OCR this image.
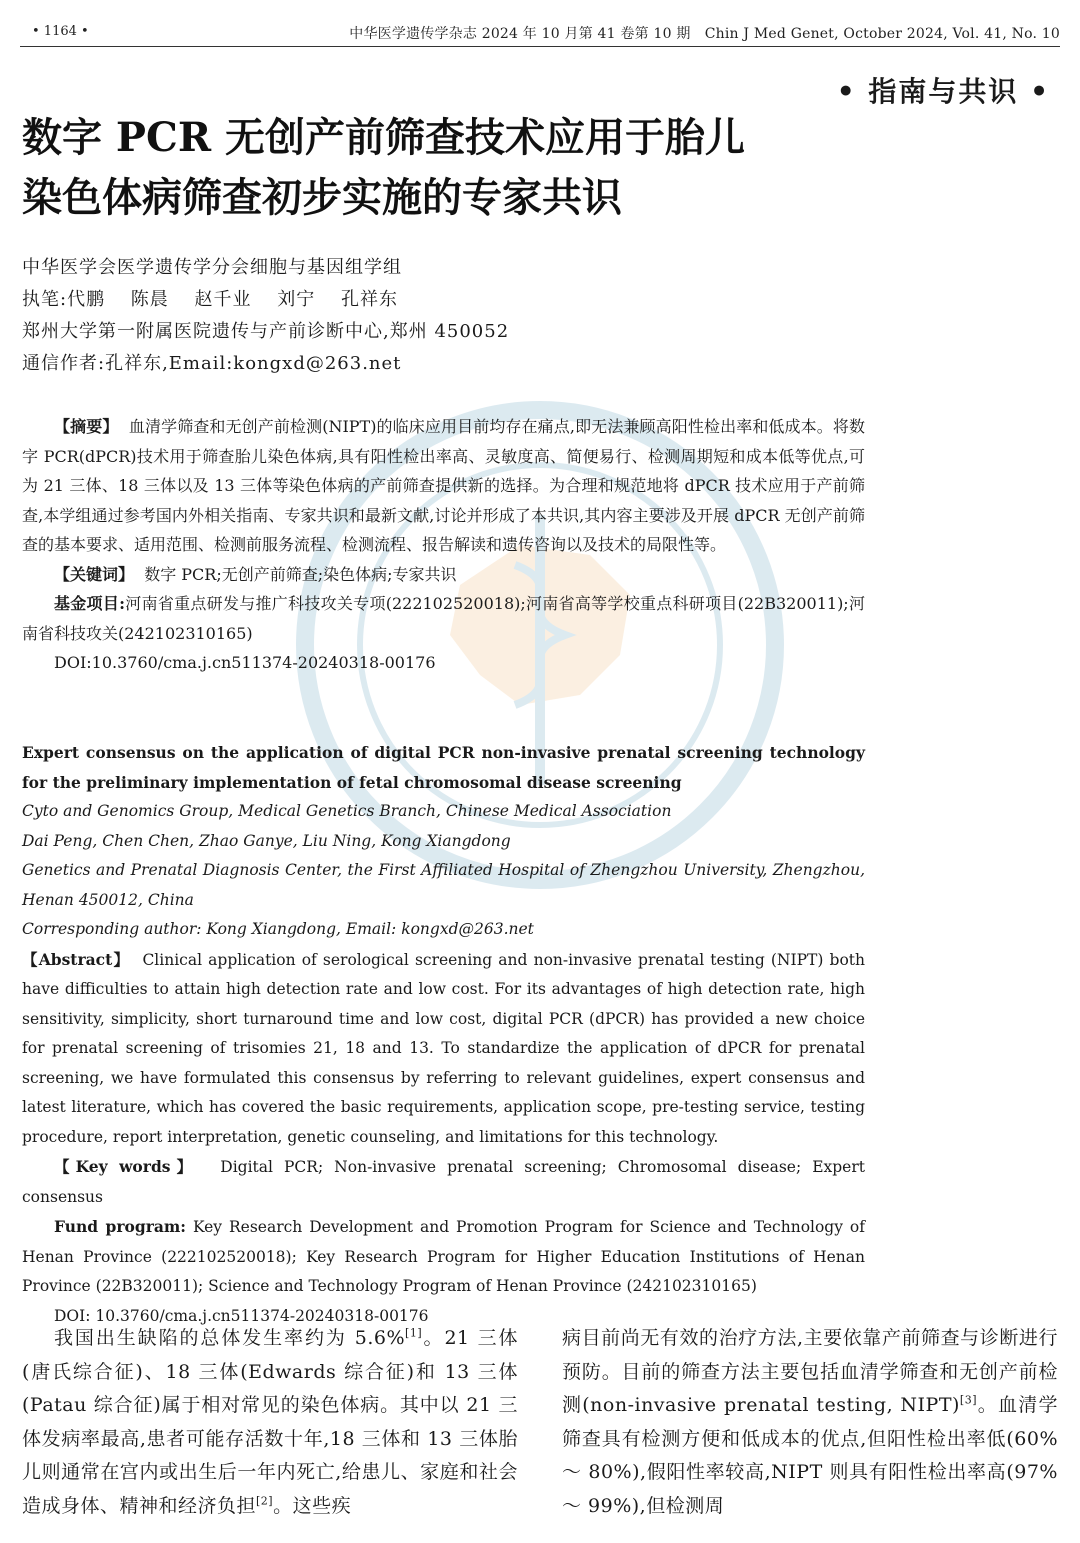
• 1164 •	中华医学遗传学杂志 2024 年 10 月第 41 卷第 10 期　Chin J Med Genet, October 2024, Vol. 41, No. 10
• 指南与共识 •
数字 PCR 无创产前筛查技术应用于胎儿
染色体病筛查初步实施的专家共识
中华医学会医学遗传学分会细胞与基因组学组
执笔:代鹏　 陈晨　 赵千业　 刘宁　 孔祥东
郑州大学第一附属医院遗传与产前诊断中心,郑州 450052
通信作者:孔祥东,Email:kongxd@263.net

【摘要】 血清学筛查和无创产前检测(NIPT)的临床应用目前均存在痛点,即无法兼顾高阳性检出率和低成本。将数字 PCR(dPCR)技术用于筛查胎儿染色体病,具有阳性检出率高、灵敏度高、简便易行、检测周期短和成本低等优点,可为 21 三体、18 三体以及 13 三体等染色体病的产前筛查提供新的选择。为合理和规范地将 dPCR 技术应用于产前筛查,本学组通过参考国内外相关指南、专家共识和最新文献,讨论并形成了本共识,其内容主要涉及开展 dPCR 无创产前筛查的基本要求、适用范围、检测前服务流程、检测流程、报告解读和遗传咨询以及技术的局限性等。

【关键词】 数字 PCR;无创产前筛查;染色体病;专家共识

基金项目:河南省重点研发与推广科技攻关专项(222102520018);河南省高等学校重点科研项目(22B320011);河南省科技攻关(242102310165)

DOI:10.3760/cma.j.cn511374-20240318-00176

Expert consensus on the application of digital PCR non-invasive prenatal screening technology for the preliminary implementation of fetal chromosomal disease screening

Cyto and Genomics Group, Medical Genetics Branch, Chinese Medical Association

Dai Peng, Chen Chen, Zhao Ganye, Liu Ning, Kong Xiangdong

Genetics and Prenatal Diagnosis Center, the First Affiliated Hospital of Zhengzhou University, Zhengzhou, Henan 450012, China

Corresponding author: Kong Xiangdong, Email: kongxd@263.net

【Abstract】 Clinical application of serological screening and non-invasive prenatal testing (NIPT) both have difficulties to attain high detection rate and low cost. For its advantages of high detection rate, high sensitivity, simplicity, short turnaround time and low cost, digital PCR (dPCR) has provided a new choice for prenatal screening of trisomies 21, 18 and 13. To standardize the application of dPCR for prenatal screening, we have formulated this consensus by referring to relevant guidelines, expert consensus and latest literature, which has covered the basic requirements, application scope, pre-testing service, testing procedure, report interpretation, genetic counseling, and limitations for this technology.

【Key words】 Digital PCR; Non-invasive prenatal screening; Chromosomal disease; Expert consensus

Fund program: Key Research Development and Promotion Program for Science and Technology of Henan Province (222102520018); Key Research Program for Higher Education Institutions of Henan Province (22B320011); Science and Technology Program of Henan Province (242102310165)

DOI: 10.3760/cma.j.cn511374-20240318-00176

我国出生缺陷的总体发生率约为 5.6%[1]。21 三体(唐氏综合征)、18 三体(Edwards 综合征)和 13 三体(Patau 综合征)属于相对常见的染色体病。其中以 21 三体发病率最高,患者可能存活数十年,18 三体和 13 三体胎儿则通常在宫内或出生后一年内死亡,给患儿、家庭和社会造成身体、精神和经济负担[2]。这些疾

病目前尚无有效的治疗方法,主要依靠产前筛查与诊断进行预防。目前的筛查方法主要包括血清学筛查和无创产前检测(non-invasive prenatal testing, NIPT)[3]。血清学筛查具有检测方便和低成本的优点,但阳性检出率低(60% ～ 80%),假阳性率较高,NIPT 则具有阳性检出率高(97% ～ 99%),但检测周
